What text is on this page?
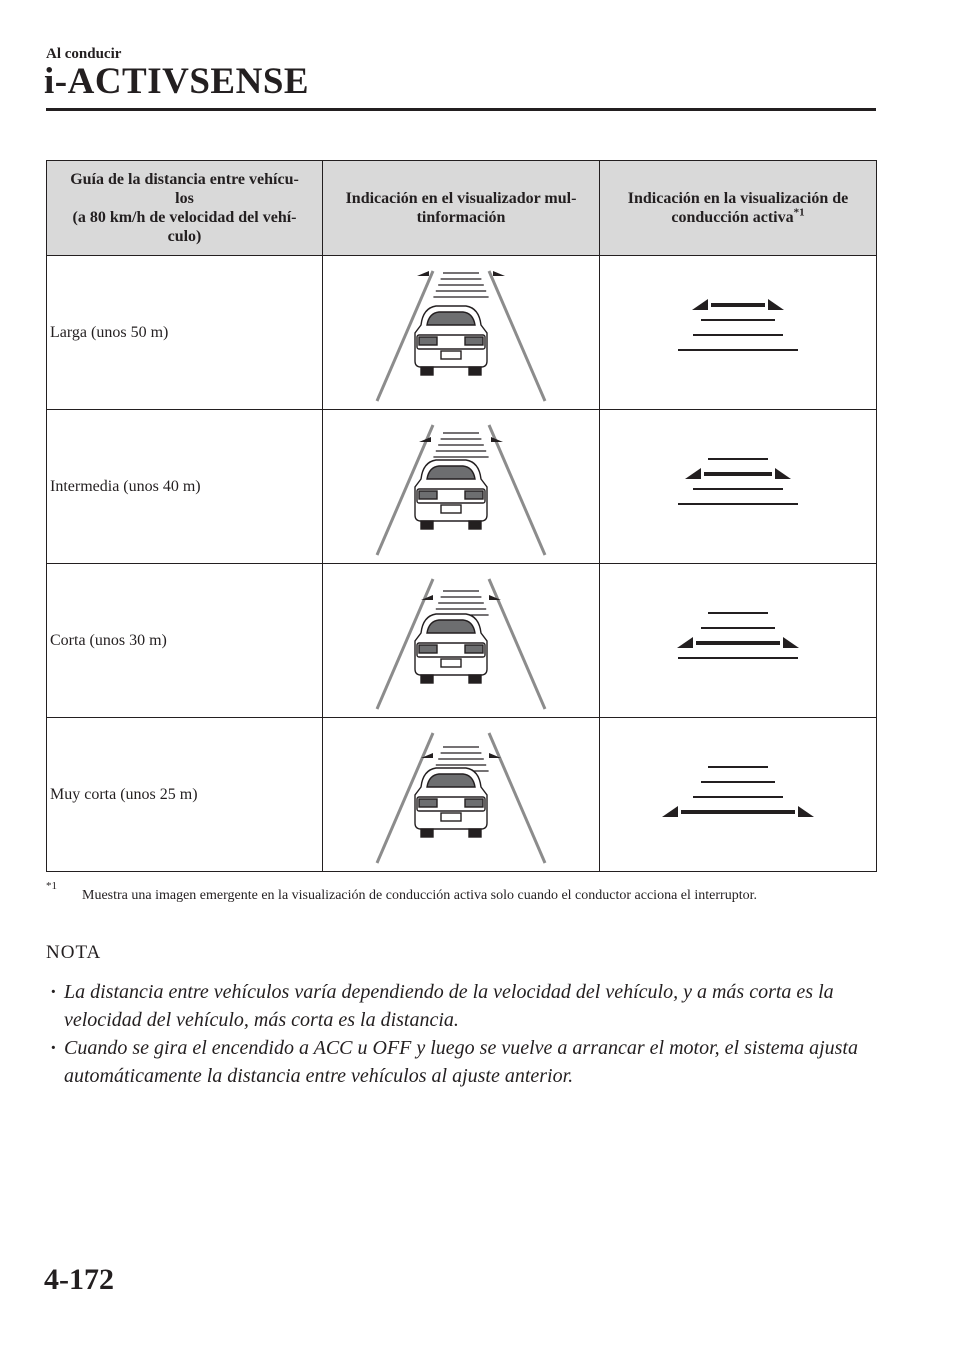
Al conducir
i-ACTIVSENSE
Guía de la distancia entre vehícu-
los
(a 80 km/h de velocidad del vehí-
culo)	Indicación en el visualizador mul-
tinformación	Indicación en la visualización de
conducción activa$^{*1}$
Larga (unos 50 m)	

Intermedia (unos 40 m)	

Corta (unos 30 m)	

Muy corta (unos 25 m)	

*1
Muestra una imagen emergente en la visualización de conducción activa solo cuando el conductor acciona el interruptor.
NOTA
· La distancia entre vehículos varía dependiendo de la velocidad del vehículo, y a más corta es la velocidad del vehículo, más corta es la distancia.
· Cuando se gira el encendido a ACC u OFF y luego se vuelve a arrancar el motor, el sistema ajusta automáticamente la distancia entre vehículos al ajuste anterior.
4-172
